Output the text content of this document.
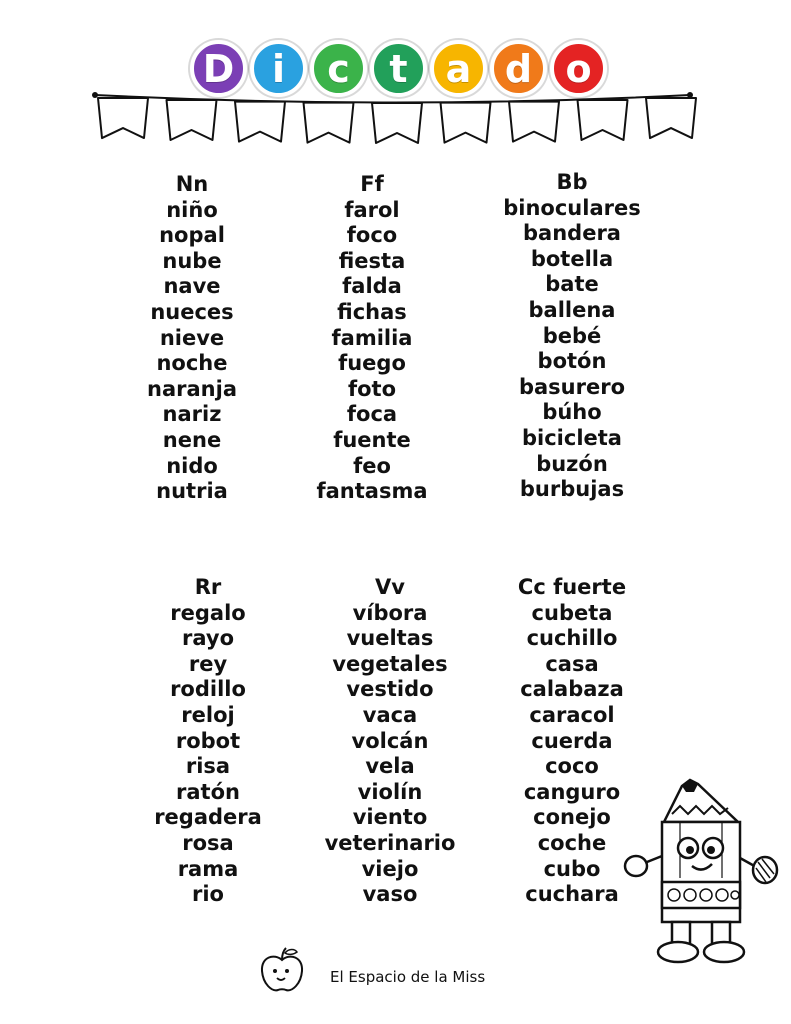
D i	c	t	a d o
Nn
niño
nopal
nube
nave
nueces
nieve
noche
naranja
nariz
nene
nido
nutria
Ff
farol
foco
fiesta
falda
fichas
familia
fuego
foto
foca
fuente
feo
fantasma
Bb
binoculares
bandera
botella
bate
ballena
bebé
botón
basurero
búho
bicicleta
buzón
burbujas
Rr
regalo
rayo
rey
rodillo
reloj
robot
risa
ratón
regadera
rosa
rama
rio
Vv
víbora
vueltas
vegetales
vestido
vaca
volcán
vela
violín
viento
veterinario
viejo
vaso
Cc fuerte
cubeta
cuchillo
casa
calabaza
caracol
cuerda
coco
canguro
conejo
coche
cubo
cuchara
El Espacio de la Miss
